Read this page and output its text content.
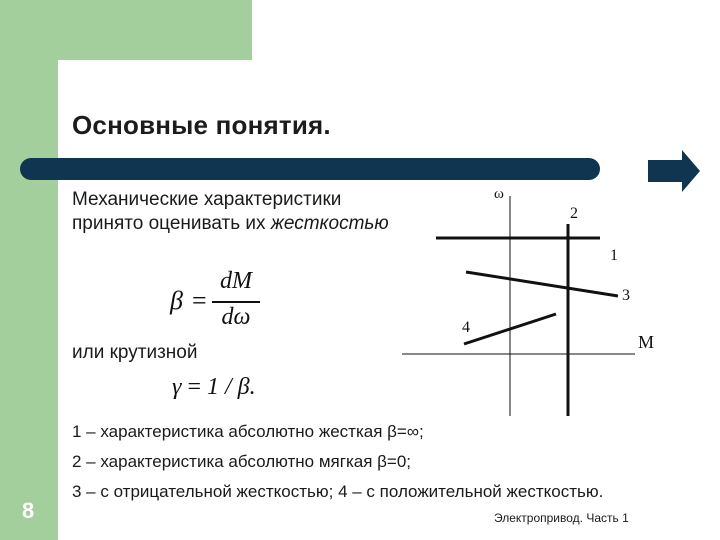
Основные понятия.
Механические характеристики принято оценивать их жесткостью
β =
dM
dω
или крутизной
γ = 1 / β.
ω
M
1
2
3
4
1 – характеристика абсолютно жесткая β=∞;
2 – характеристика абсолютно мягкая β=0;
3 – с отрицательной жесткостью; 4 – с положительной жесткостью.
8	Электропривод. Часть 1
